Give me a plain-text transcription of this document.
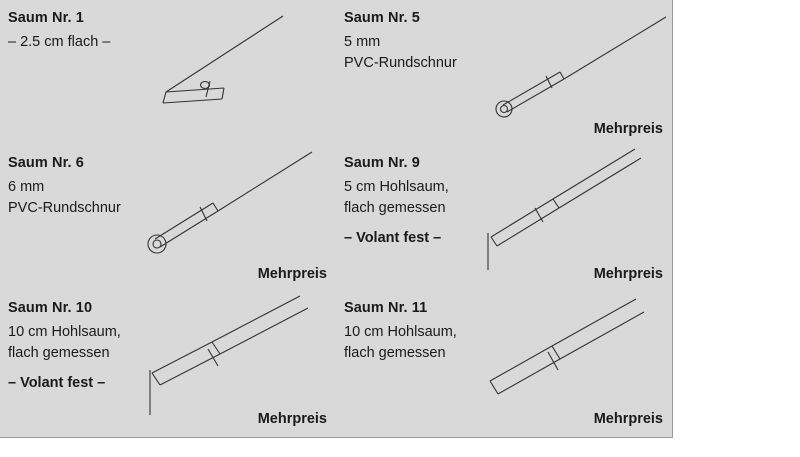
Saum Nr. 1

– 2.5 cm flach –

Saum Nr. 5

5 mm

PVC-Rundschnur

Mehrpreis

Saum Nr. 6

6 mm

PVC-Rundschnur

Mehrpreis

Saum Nr. 9

5 cm Hohlsaum,

flach gemessen

– Volant fest –

Mehrpreis

Saum Nr. 10

10 cm Hohlsaum,

flach gemessen

– Volant fest –

Mehrpreis

Saum Nr. 11

10 cm Hohlsaum,

flach gemessen

Mehrpreis
